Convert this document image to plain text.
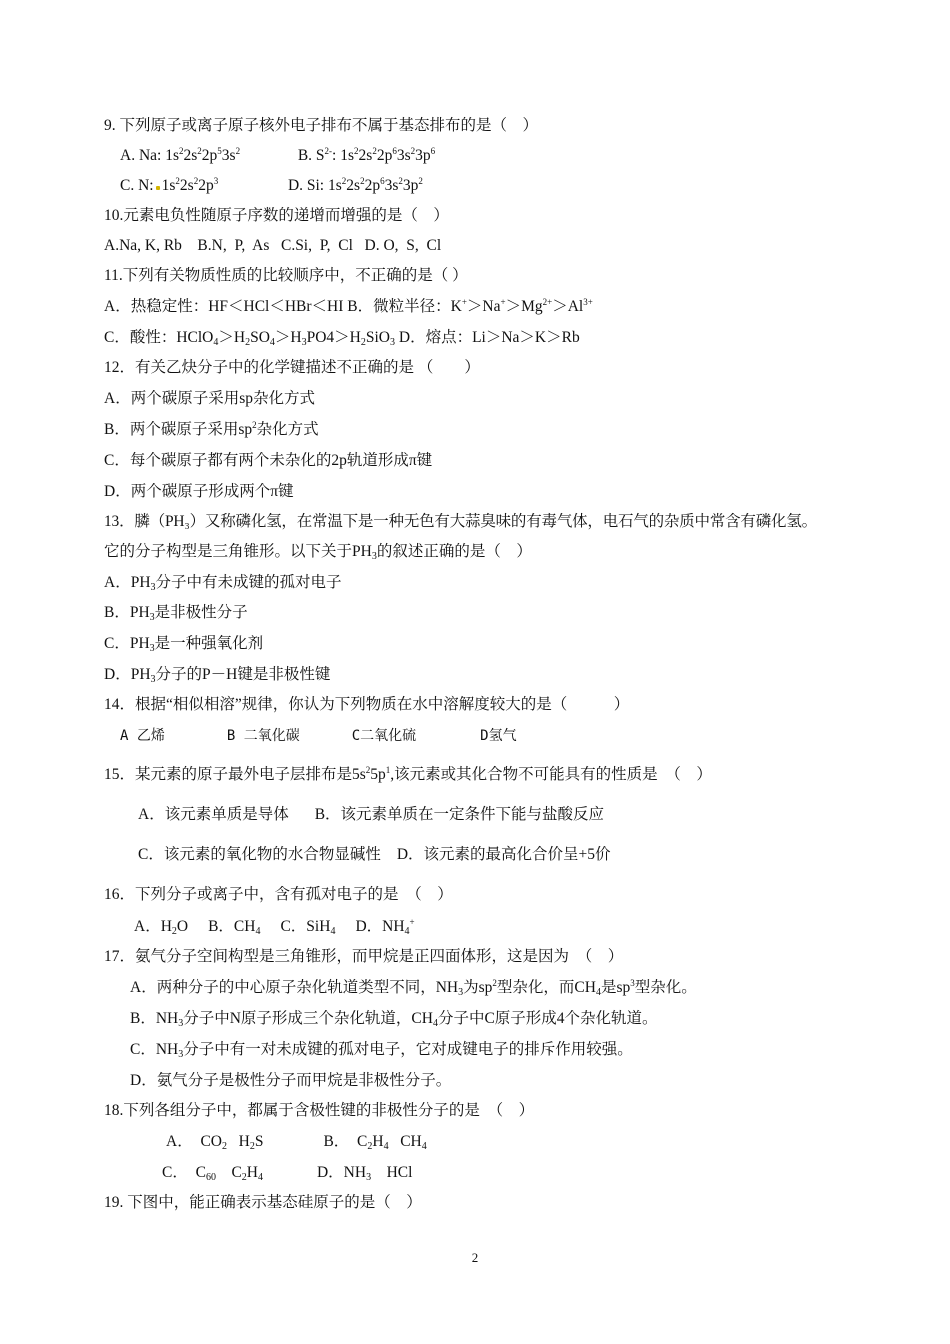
9. 下列原子或离子原子核外电子排布不属于基态排布的是（　）
A. Na: $1s^22s^22p^53s^2$	B. $S^{2-}$: $1s^22s^22p^63s^23p^6$
C. N: $1s^22s^22p^3$	D. Si: $1s^22s^22p^63s^23p^2$
10.元素电负性随原子序数的递增而增强的是（　）
A.Na, K, Rb    B.N,  P,  As   C.Si,  P,  Cl   D. O,  S,  Cl
11.下列有关物质性质的比较顺序中，不正确的是（ ）
A．热稳定性：HF＜HCl＜HBr＜HI B．微粒半径：$K^+>Na^+>Mg^{2+}>Al^{3+}$
C．酸性：$HClO_4>H_2SO_4>H_3PO4>H_2SiO_3$ D．熔点：Li＞Na＞K＞Rb
12．有关乙炔分子中的化学键描述不正确的是 （　　）
A．两个碳原子采用sp杂化方式
B．两个碳原子采用$sp^2$杂化方式
C．每个碳原子都有两个未杂化的2p轨道形成π键
D．两个碳原子形成两个π键
13．膦（PH₃）又称磷化氢，在常温下是一种无色有大蒜臭味的有毒气体，电石气的杂质中常含有磷化氢。
它的分子构型是三角锥形。以下关于$PH_3$的叙述正确的是（　）
A．$PH_3$分子中有未成键的孤对电子
B．$PH_3$是非极性分子
C．$PH_3$是一种强氧化剂
D．$PH_3$分子的P－H键是非极性键
14．根据“相似相溶”规律，你认为下列物质在水中溶解度较大的是（　　　）
A 乙烯	B 二氧化碳	C二氧化硫	D氢气
15．某元素的原子最外电子层排布是$5s^25p^1$,该元素或其化合物不可能具有的性质是　（　）
A．该元素单质是导体 B．该元素单质在一定条件下能与盐酸反应
C．该元素的氧化物的水合物显碱性 D．该元素的最高化合价呈+5价
16．下列分子或离子中，含有孤对电子的是　（　）
A．$H_2O$ B．$CH_4$ C．SiH$_4$ D．$NH_4^+$
17．氨气分子空间构型是三角锥形，而甲烷是正四面体形，这是因为　（　）
A．两种分子的中心原子杂化轨道类型不同，$NH_3$为$sp^2$型杂化，而$CH_4$是$sp^3$型杂化。
B．$NH_3$分子中N原子形成三个杂化轨道，$CH_4$分子中C原子形成4个杂化轨道。
C．$NH_3$分子中有一对未成键的孤对电子，它对成键电子的排斥作用较强。
D．氨气分子是极性分子而甲烷是非极性分子。
18.下列各组分子中，都属于含极性键的非极性分子的是　（　）
A．　$CO_2$   $H_2S$	B．  $C_2H_4$   $CH_4$
C．  $C_{60}$    $C_2H_4$	D．$NH_3$    HCl
19. 下图中，能正确表示基态硅原子的是（　）
2
